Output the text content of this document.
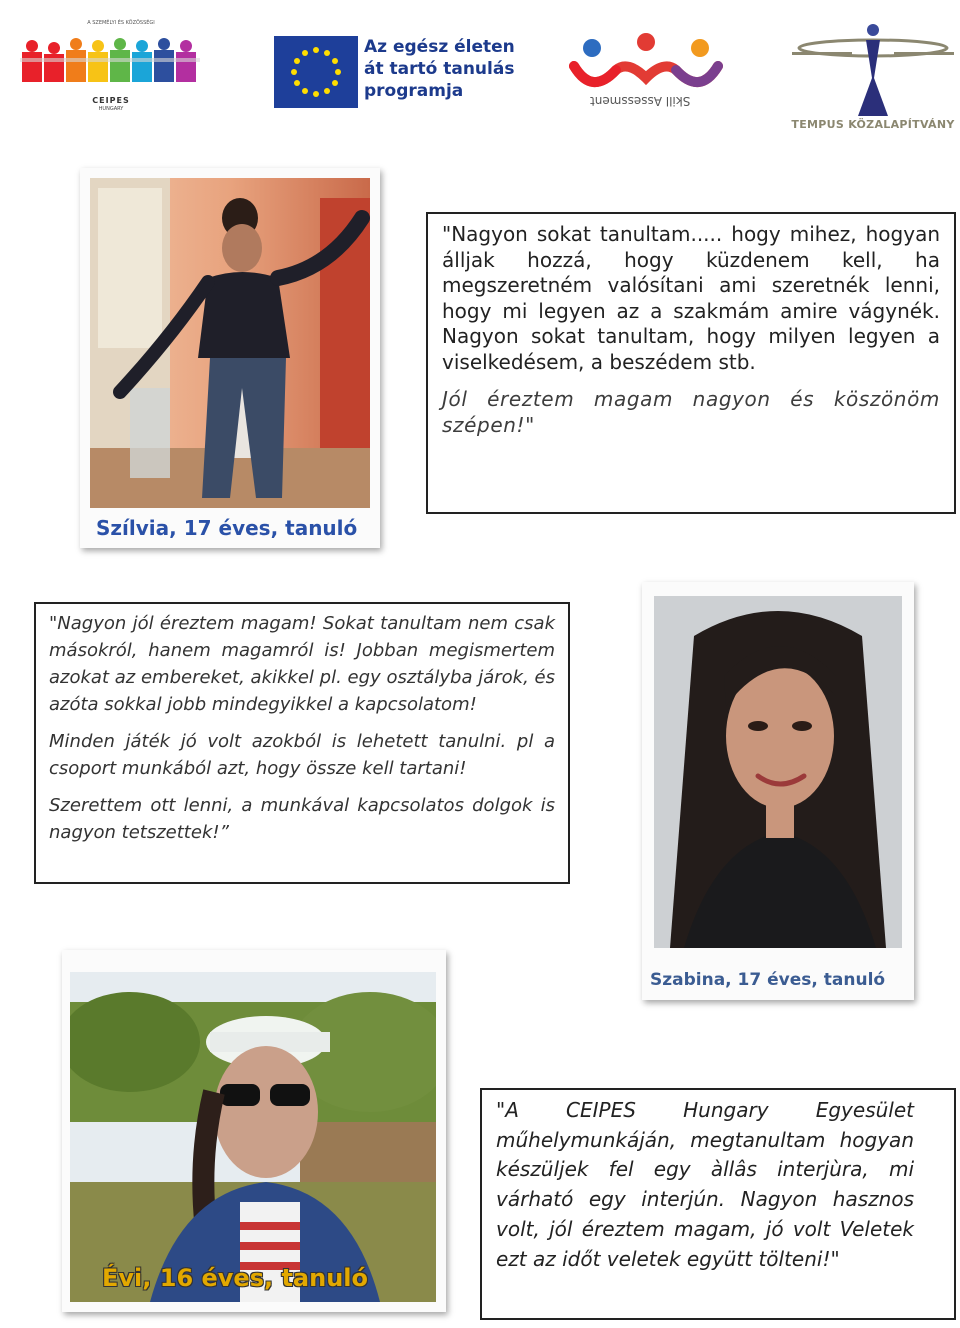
A SZEMÉLYI ÉS KÖZÖSSÉGI
CEIPES
HUNGARY
Az egész életen
át tartó tanulás
programja	Skill Assessment
TEMPUS KÖZALAPÍTVÁNY
Szílvia, 17 éves, tanuló

"Nagyon sokat tanultam..... hogy mihez, hogyan álljak hozzá, hogy küzdenem kell, ha megszeretném valósítani ami szeretnék lenni, hogy mi legyen az a szakmám amire vágynék. Nagyon sokat tanultam, hogy milyen legyen a viselkedésem, a beszédem stb.

Jól éreztem magam nagyon és köszönöm szépen!"

"Nagyon jól éreztem magam! Sokat tanultam nem csak másokról, hanem magamról is! Jobban megismertem azokat az embereket, akikkel pl. egy osztályba járok, és azóta sokkal jobb mindegyikkel a kapcsolatom!

Minden játék jó volt azokból is lehetett tanulni. pl a csoport munkából azt, hogy össze kell tartani!

Szerettem ott lenni, a munkával kapcsolatos dolgok is nagyon tetszettek!”

Szabina, 17 éves, tanuló
Évi, 16 éves, tanuló

"A CEIPES Hungary Egyesület műhelymunkáján, megtanultam hogyan készüljek fel egy àllâs interjùra, mi várható egy interjún. Nagyon hasznos volt, jól éreztem magam, jó volt Veletek ezt az időt veletek együtt tölteni!"
